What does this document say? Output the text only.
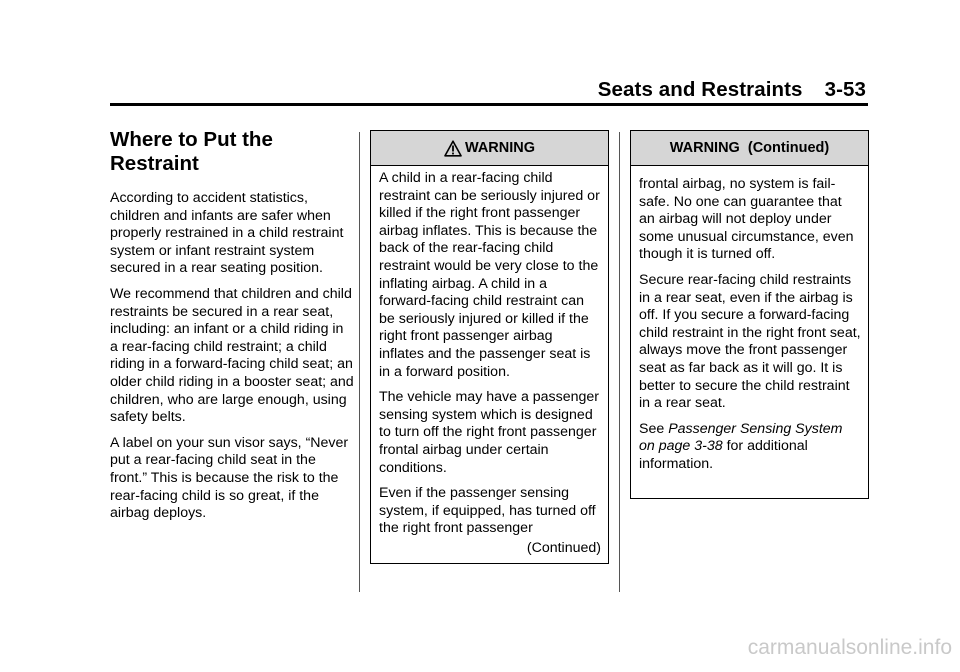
Seats and Restraints 3-53
Where to Put the Restraint

According to accident statistics, children and infants are safer when properly restrained in a child restraint system or infant restraint system secured in a rear seating position.

We recommend that children and child restraints be secured in a rear seat, including: an infant or a child riding in a rear-facing child restraint; a child riding in a forward-facing child seat; an older child riding in a booster seat; and children, who are large enough, using safety belts.

A label on your sun visor says, “Never put a rear-facing child seat in the front.” This is because the risk to the rear-facing child is so great, if the airbag deploys.

WARNING

A child in a rear-facing child restraint can be seriously injured or killed if the right front passenger airbag inflates. This is because the back of the rear-facing child restraint would be very close to the inflating airbag. A child in a forward-facing child restraint can be seriously injured or killed if the right front passenger airbag inflates and the passenger seat is in a forward position.

The vehicle may have a passenger sensing system which is designed to turn off the right front passenger frontal airbag under certain conditions.

Even if the passenger sensing system, if equipped, has turned off the right front passenger

(Continued)

WARNING  (Continued)

frontal airbag, no system is fail-safe. No one can guarantee that an airbag will not deploy under some unusual circumstance, even though it is turned off.

Secure rear-facing child restraints in a rear seat, even if the airbag is off. If you secure a forward-facing child restraint in the right front seat, always move the front passenger seat as far back as it will go. It is better to secure the child restraint in a rear seat.

See Passenger Sensing System on page 3-38 for additional information.

carmanualsonline.info
